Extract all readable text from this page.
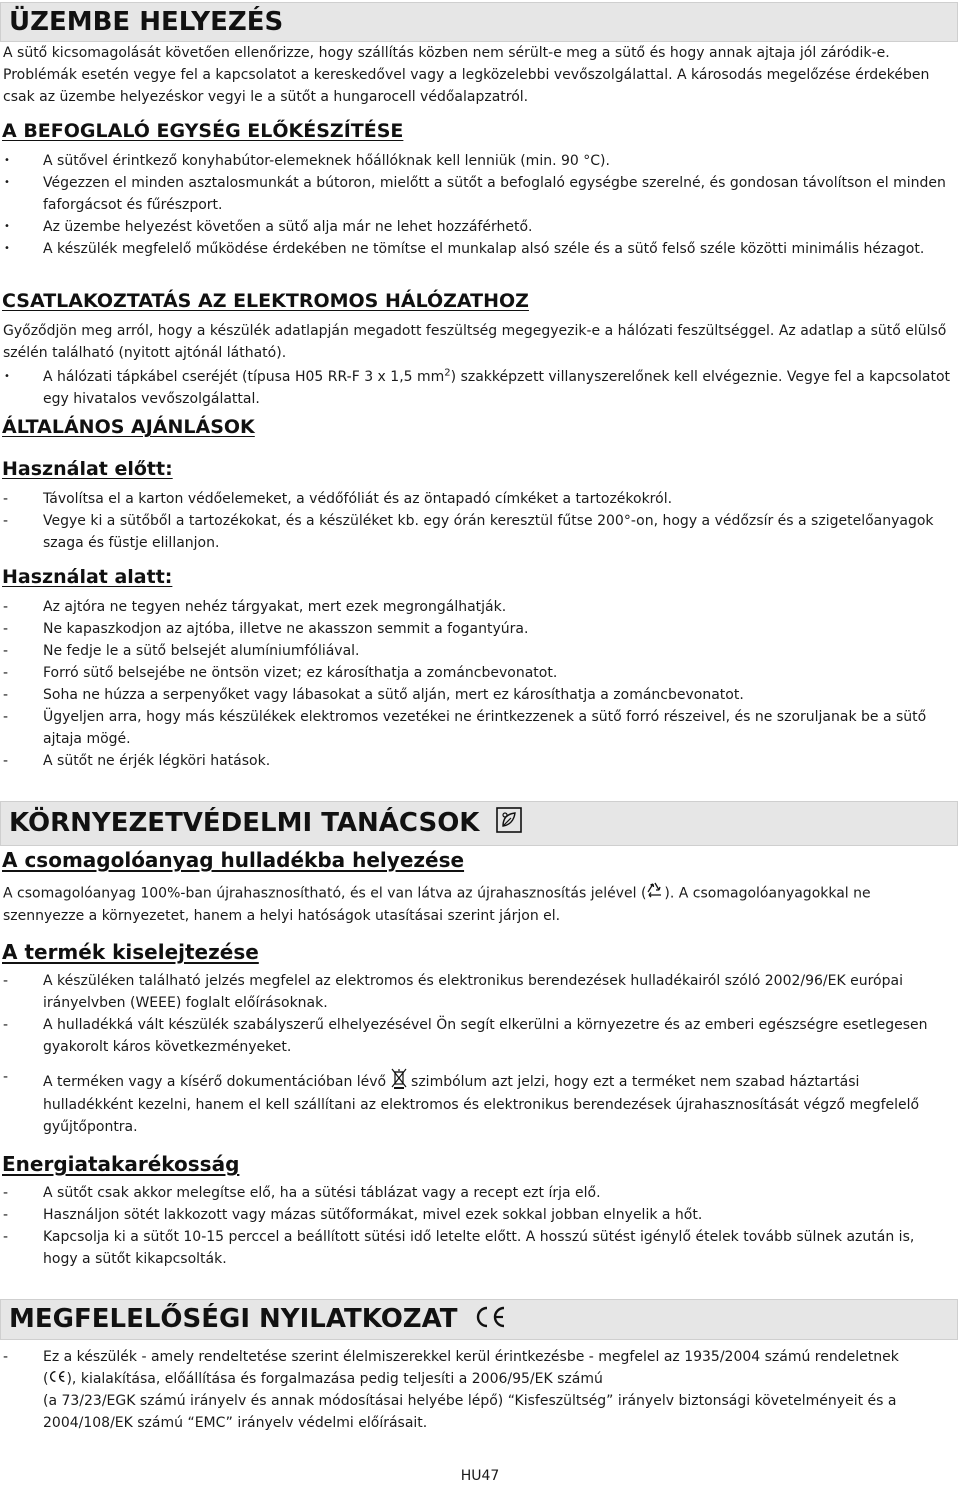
ÜZEMBE HELYEZÉS

A sütő kicsomagolását követően ellenőrizze, hogy szállítás közben nem sérült-e meg a sütő és hogy annak ajtaja jól záródik-e. Problémák esetén vegye fel a kapcsolatot a kereskedővel vagy a legközelebbi vevőszolgálattal. A károsodás megelőzése érdekében csak az üzembe helyezéskor vegyi le a sütőt a hungarocell védőalapzatról.

A BEFOGLALÓ EGYSÉG ELŐKÉSZÍTÉSE
•	A sütővel érintkező konyhabútor-elemeknek hőállóknak kell lenniük (min. 90 °C).
•	Végezzen el minden asztalosmunkát a bútoron, mielőtt a sütőt a befoglaló egységbe szerelné, és gondosan távolítson el minden faforgácsot és fűrészport.
•	Az üzembe helyezést követően a sütő alja már ne lehet hozzáférhető.
•	A készülék megfelelő működése érdekében ne tömítse el munkalap alsó széle és a sütő felső széle közötti minimális hézagot.
CSATLAKOZTATÁS AZ ELEKTROMOS HÁLÓZATHOZ

Győződjön meg arról, hogy a készülék adatlapján megadott feszültség megegyezik-e a hálózati feszültséggel. Az adatlap a sütő elülső szélén található (nyitott ajtónál látható).

•	A hálózati tápkábel cseréjét (típusa H05 RR-F 3 x 1,5 $mm^2$) szakképzett villanyszerelőnek kell elvégeznie. Vegye fel a kapcsolatot egy hivatalos vevőszolgálattal.
ÁLTALÁNOS AJÁNLÁSOK
Használat előtt:
-	Távolítsa el a karton védőelemeket, a védőfóliát és az öntapadó címkéket a tartozékokról.
-	Vegye ki a sütőből a tartozékokat, és a készüléket kb. egy órán keresztül fűtse 200°-on, hogy a védőzsír és a szigetelőanyagok szaga és füstje elillanjon.
Használat alatt:
-	Az ajtóra ne tegyen nehéz tárgyakat, mert ezek megrongálhatják.
-	Ne kapaszkodjon az ajtóba, illetve ne akasszon semmit a fogantyúra.
-	Ne fedje le a sütő belsejét alumíniumfóliával.
-	Forró sütő belsejébe ne öntsön vizet; ez károsíthatja a zománcbevonatot.
-	Soha ne húzza a serpenyőket vagy lábasokat a sütő alján, mert ez károsíthatja a zománcbevonatot.
-	Ügyeljen arra, hogy más készülékek elektromos vezetékei ne érintkezzenek a sütő forró részeivel, és ne szoruljanak be a sütő ajtaja mögé.
-	A sütőt ne érjék légköri hatások.
KÖRNYEZETVÉDELMI TANÁCSOK
A csomagolóanyag hulladékba helyezése

A csomagolóanyag 100%-ban újrahasznosítható, és el van látva az újrahasznosítás jelével ( ). A csomagolóanyagokkal ne szennyezze a környezetet, hanem a helyi hatóságok utasításai szerint járjon el.

A termék kiselejtezése
-	A készüléken található jelzés megfelel az elektromos és elektronikus berendezések hulladékairól szóló 2002/96/EK európai irányelvben (WEEE) foglalt előírásoknak.
-	A hulladékká vált készülék szabályszerű elhelyezésével Ön segít elkerülni a környezetre és az emberi egészségre esetlegesen gyakorolt káros következményeket.
-	A terméken vagy a kísérő dokumentációban lévő szimbólum azt jelzi, hogy ezt a terméket nem szabad háztartási
hulladékként kezelni, hanem el kell szállítani az elektromos és elektronikus berendezések újrahasznosítását végző megfelelő gyűjtőpontra.
Energiatakarékosság
-	A sütőt csak akkor melegítse elő, ha a sütési táblázat vagy a recept ezt írja elő.
-	Használjon sötét lakkozott vagy mázas sütőformákat, mivel ezek sokkal jobban elnyelik a hőt.
-	Kapcsolja ki a sütőt 10-15 perccel a beállított sütési idő letelte előtt. A hosszú sütést igénylő ételek tovább sülnek azután is, hogy a sütőt kikapcsolták.
MEGFELELŐSÉGI NYILATKOZAT
-	Ez a készülék - amely rendeltetése szerint élelmiszerekkel kerül érintkezésbe - megfelel az 1935/2004 számú rendeletnek
( ), kialakítása, előállítása és forgalmazása pedig teljesíti a 2006/95/EK számú
(a 73/23/EGK számú irányelv és annak módosításai helyébe lépő) “Kisfeszültség” irányelv biztonsági követelményeit és a 2004/108/EK számú “EMC” irányelv védelmi előírásait.
HU47
